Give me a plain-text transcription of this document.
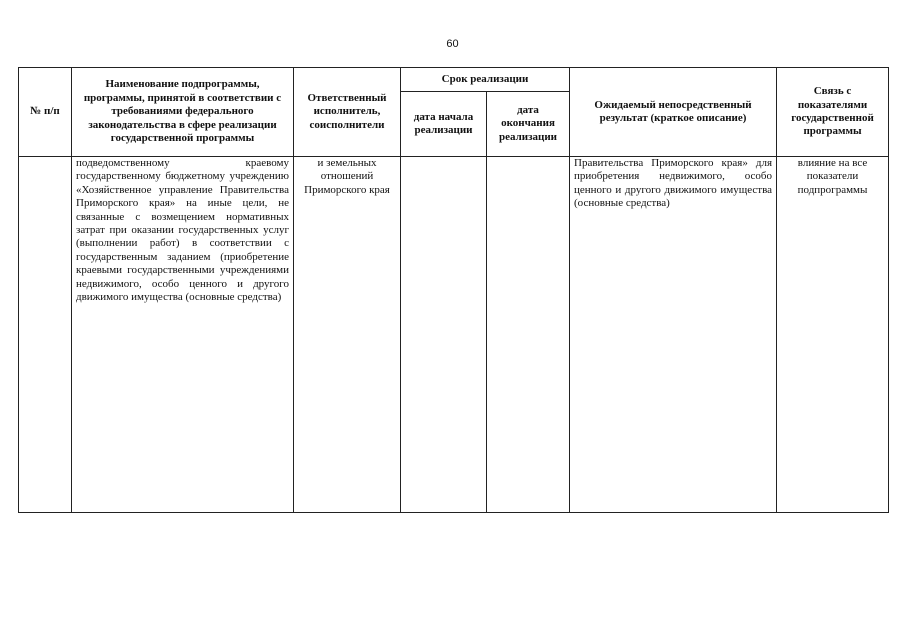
60
№ п/п	Наименование подпрограммы, программы, принятой в соответствии с требованиями федерального законодательства в сфере реализации государственной программы	Ответственный исполнитель, соисполнители	Срок реализации		Ожидаемый непосредственный результат (краткое описание)	Связь с показателями государственной программы
			дата начала реализации	дата окончания реализации		
	подведомственному краевому государственному бюджетному учреждению «Хозяйственное управление Правительства Приморского края» на иные цели, не связанные с возмещением нормативных затрат при оказании государственных услуг (выполнении работ) в соответствии с государственным заданием (приобретение краевыми государственными учреждениями недвижимого, особо ценного и другого движимого имущества (основные средства)	и земельных отношений Приморского края			Правительства Приморского края» для приобретения недвижимого, особо ценного и другого движимого имущества (основные средства)	влияние на все показатели подпрограммы
